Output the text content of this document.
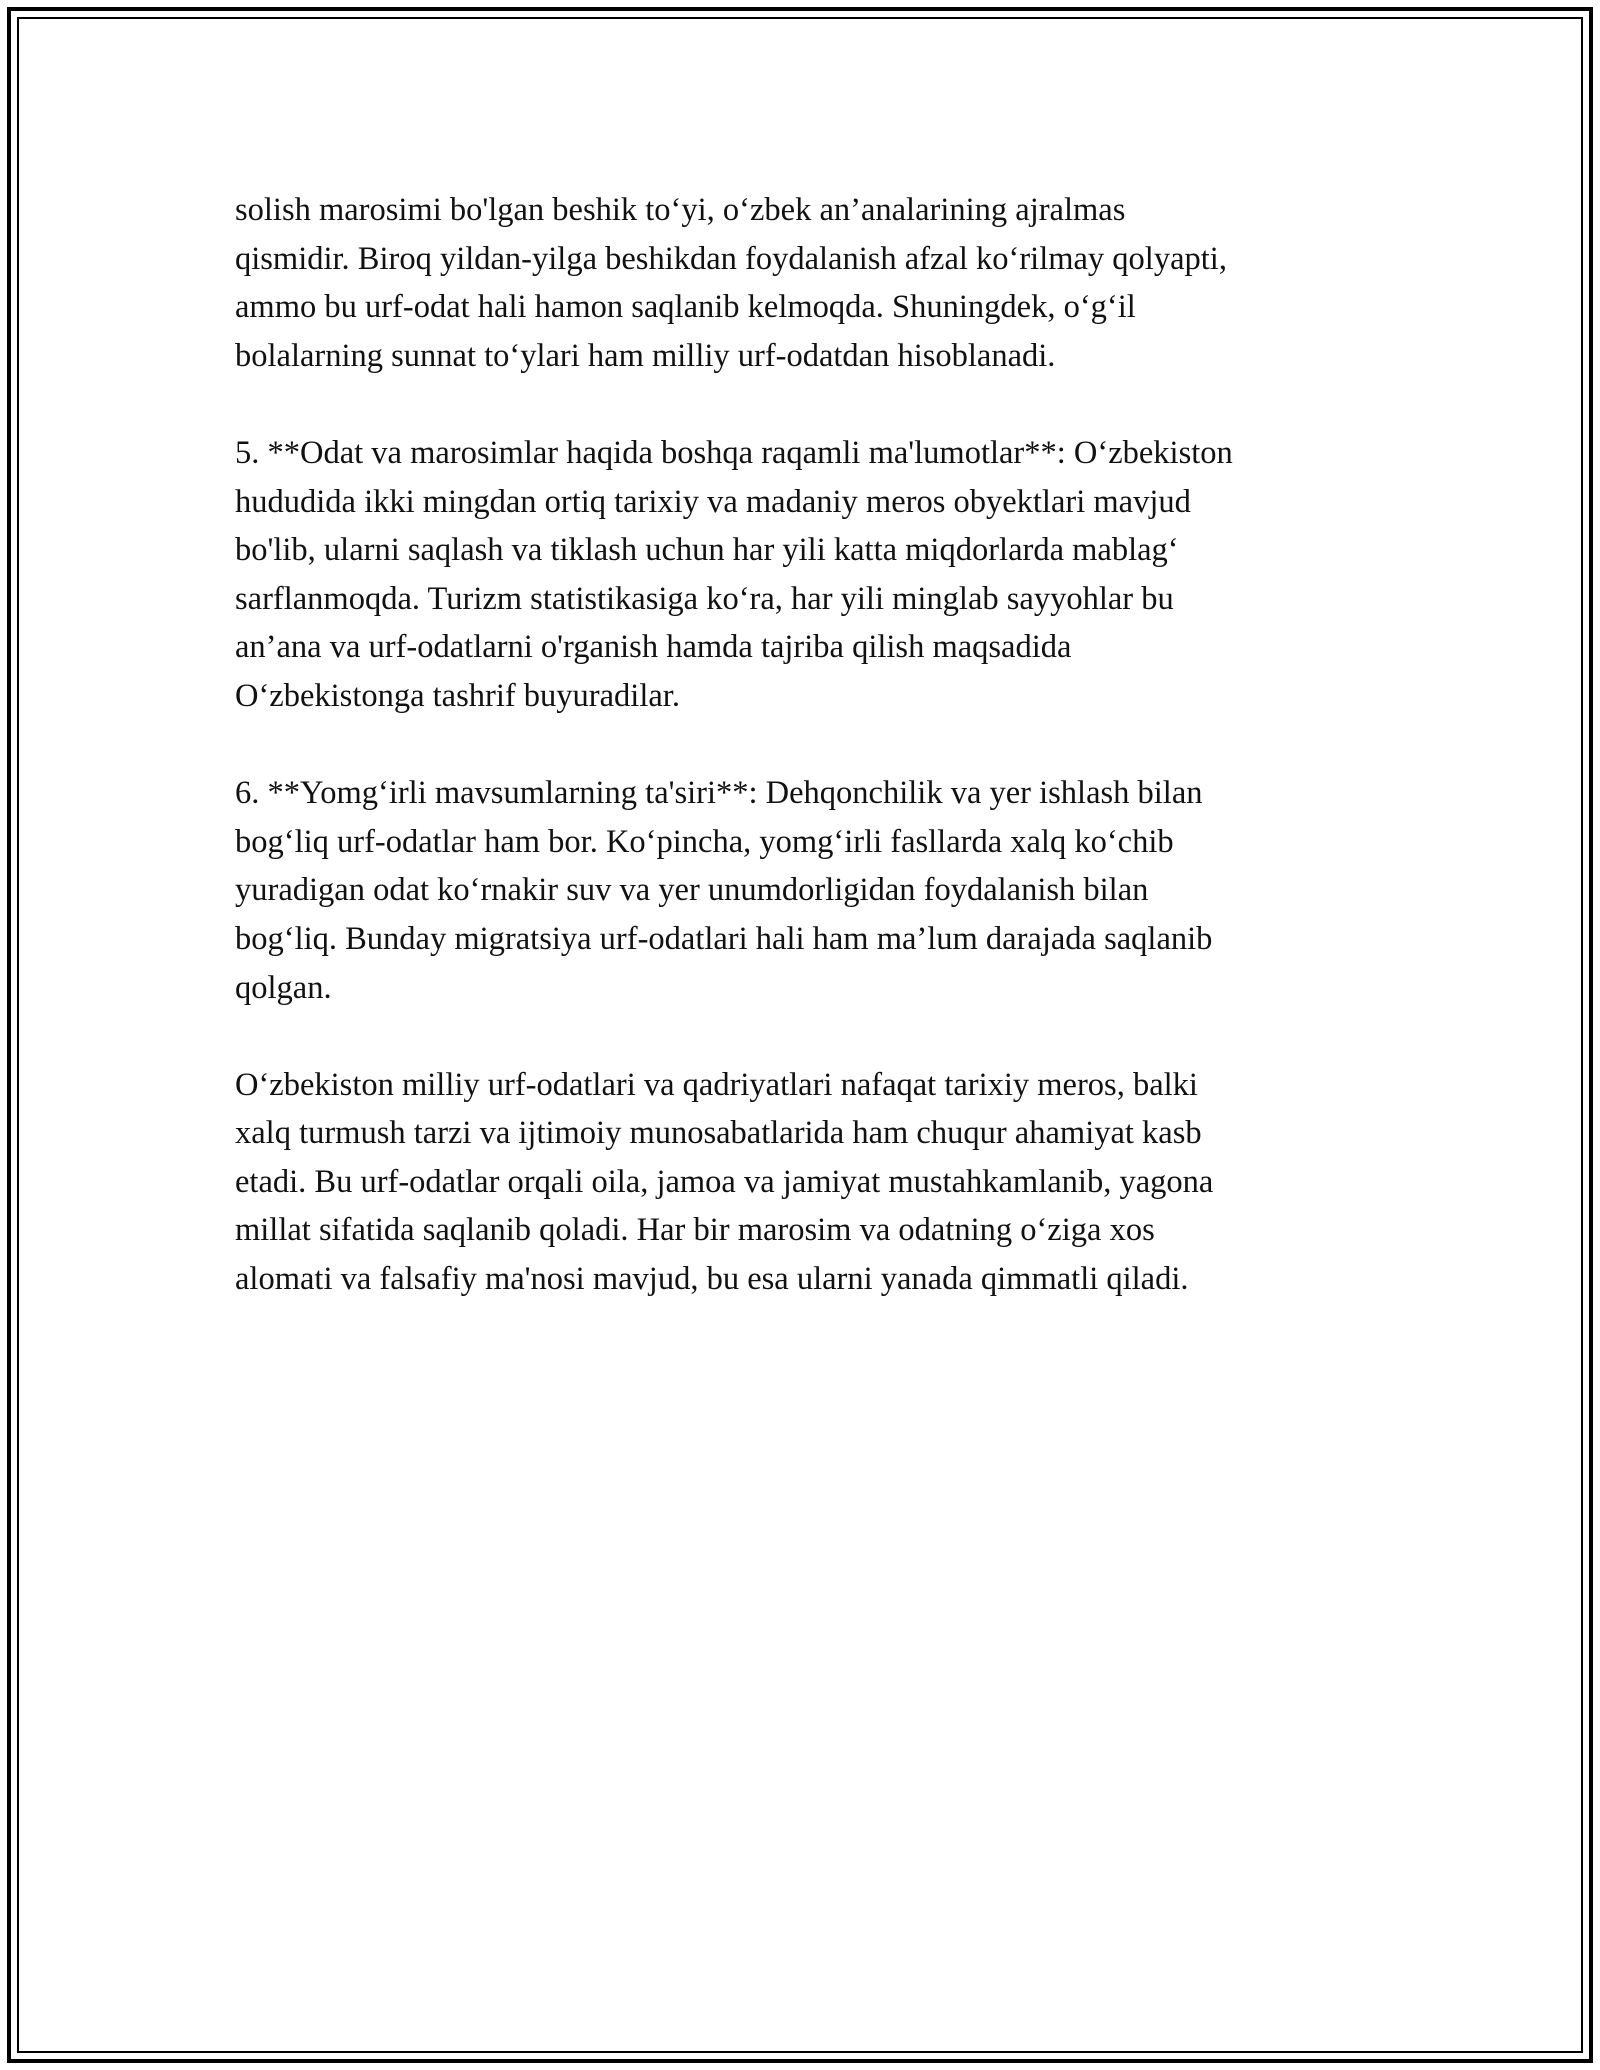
solish marosimi bo'lgan beshik to‘yi, o‘zbek an’analarining ajralmas
qismidir. Biroq yildan-yilga beshikdan foydalanish afzal ko‘rilmay qolyapti,
ammo bu urf-odat hali hamon saqlanib kelmoqda. Shuningdek, o‘g‘il
bolalarning sunnat to‘ylari ham milliy urf-odatdan hisoblanadi.

5. **Odat va marosimlar haqida boshqa raqamli ma'lumotlar**: O‘zbekiston
hududida ikki mingdan ortiq tarixiy va madaniy meros obyektlari mavjud
bo'lib, ularni saqlash va tiklash uchun har yili katta miqdorlarda mablag‘
sarflanmoqda. Turizm statistikasiga ko‘ra, har yili minglab sayyohlar bu
an’ana va urf-odatlarni o'rganish hamda tajriba qilish maqsadida
O‘zbekistonga tashrif buyuradilar.

6. **Yomg‘irli mavsumlarning ta'siri**: Dehqonchilik va yer ishlash bilan
bog‘liq urf-odatlar ham bor. Ko‘pincha, yomg‘irli fasllarda xalq ko‘chib
yuradigan odat ko‘rnakir suv va yer unumdorligidan foydalanish bilan
bog‘liq. Bunday migratsiya urf-odatlari hali ham ma’lum darajada saqlanib
qolgan.

O‘zbekiston milliy urf-odatlari va qadriyatlari nafaqat tarixiy meros, balki
xalq turmush tarzi va ijtimoiy munosabatlarida ham chuqur ahamiyat kasb
etadi. Bu urf-odatlar orqali oila, jamoa va jamiyat mustahkamlanib, yagona
millat sifatida saqlanib qoladi. Har bir marosim va odatning o‘ziga xos
alomati va falsafiy ma'nosi mavjud, bu esa ularni yanada qimmatli qiladi.
